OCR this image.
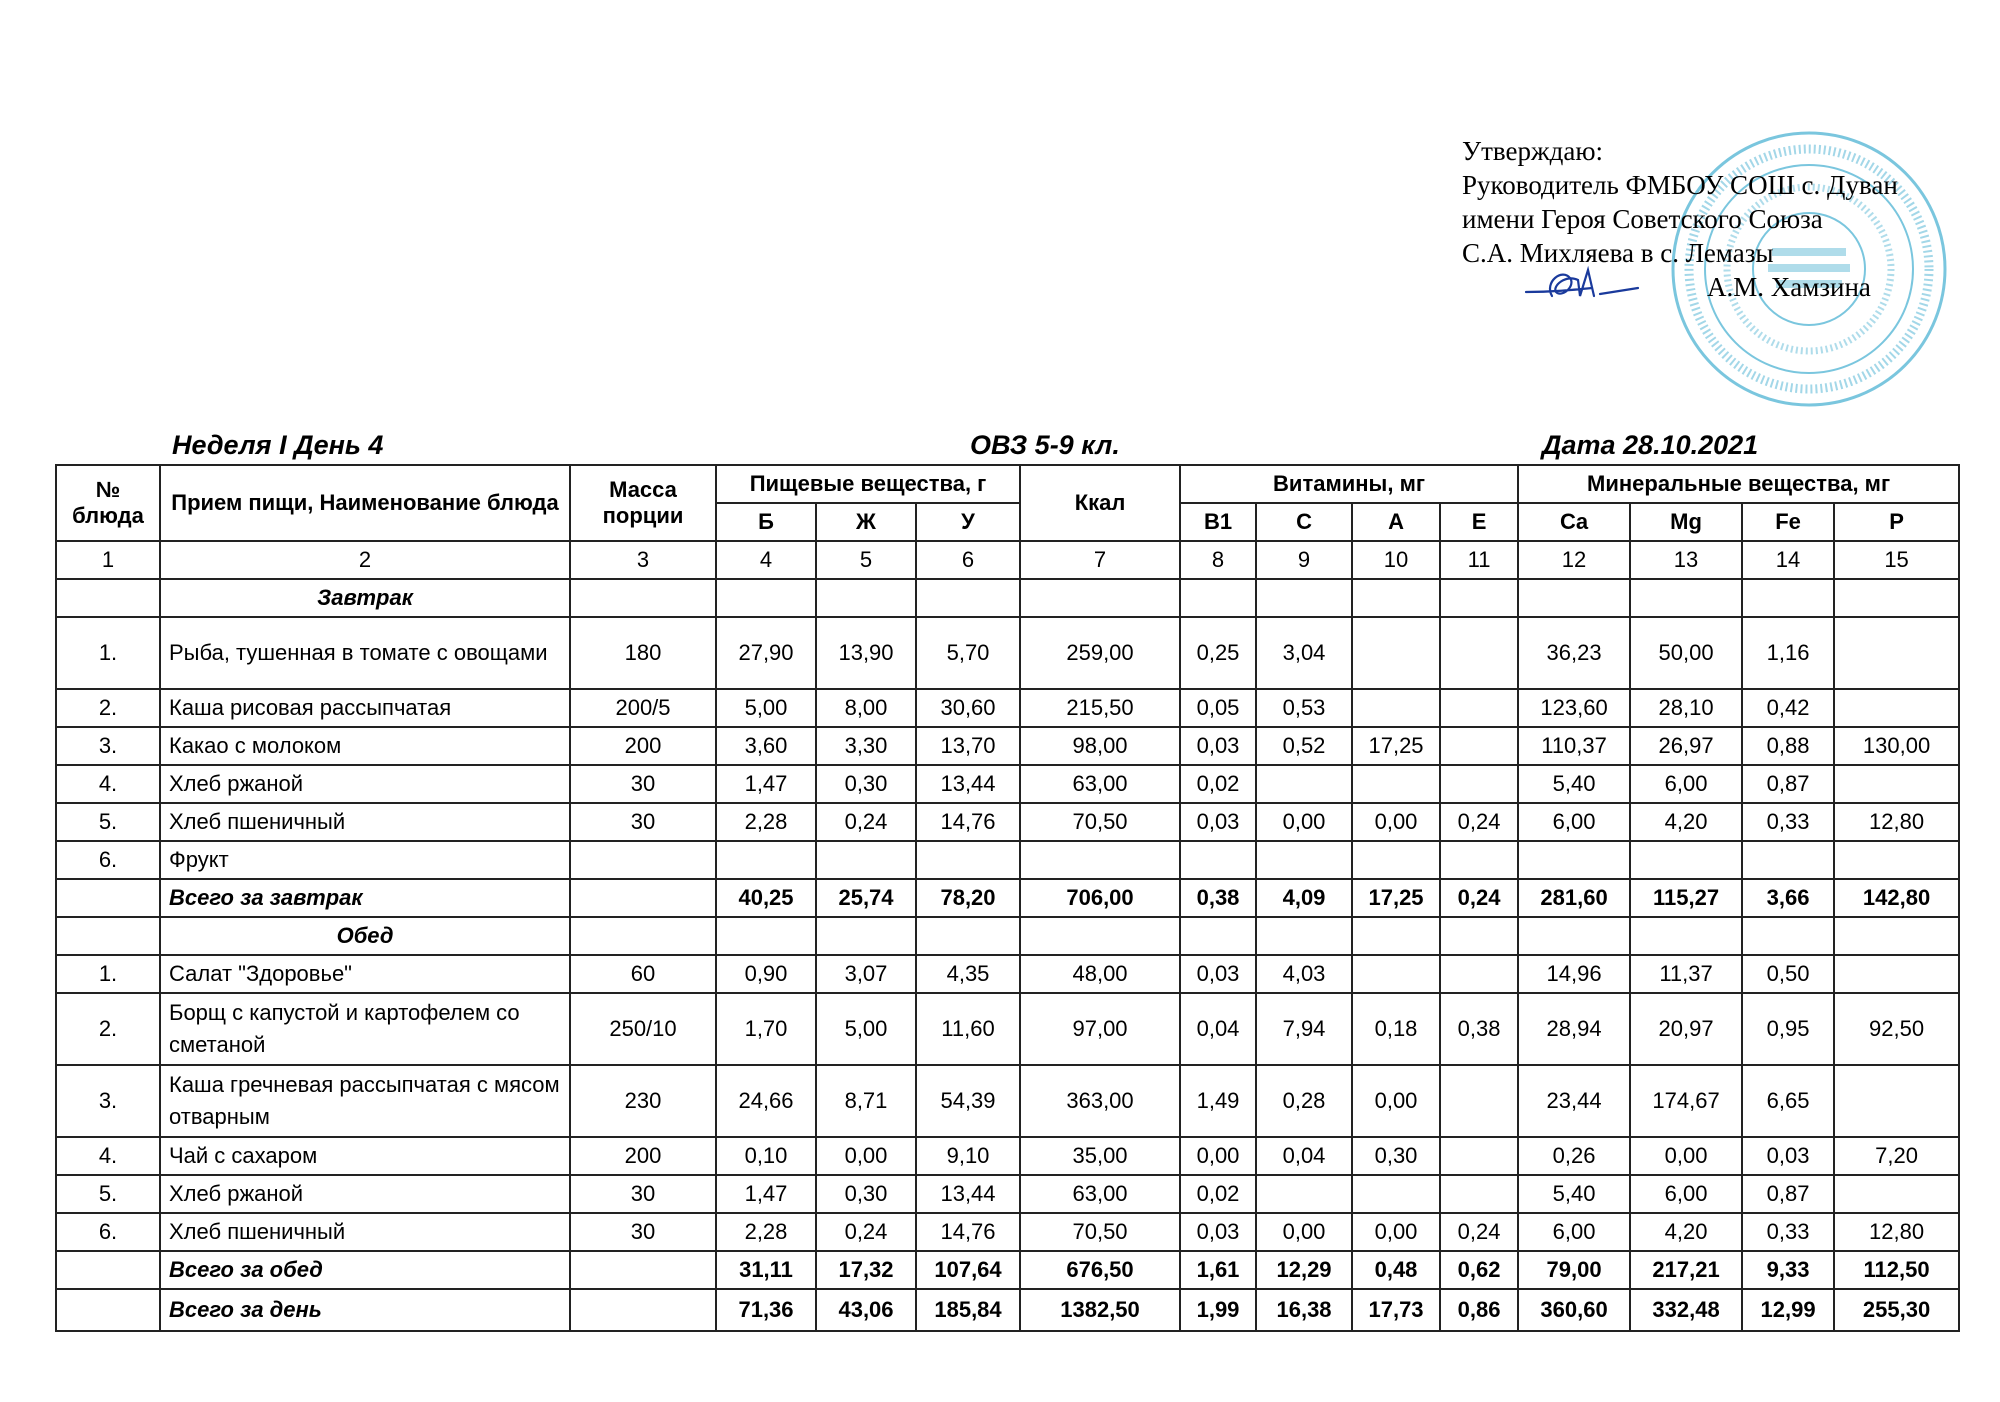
Утверждаю:
Руководитель ФМБОУ СОШ с. Дуван
имени Героя Советского Союза
С.А. Михляева в с. Лемазы
А.М. Хамзина
Неделя I День 4	ОВЗ 5-9 кл.	Дата 28.10.2021
№ блюда	Прием пищи, Наименование блюда	Масса порции	Пищевые вещества, г			Ккал	Витамины, мг				Минеральные вещества, мг			
			Б	Ж	У		B1	C	A	E	Ca	Mg	Fe	P
1	2	3	4	5	6	7	8	9	10	11	12	13	14	15
	Завтрак													
1.	Рыба, тушенная в томате с овощами	180	27,90	13,90	5,70	259,00	0,25	3,04			36,23	50,00	1,16	
2.	Каша рисовая рассыпчатая	200/5	5,00	8,00	30,60	215,50	0,05	0,53			123,60	28,10	0,42	
3.	Какао с молоком	200	3,60	3,30	13,70	98,00	0,03	0,52	17,25		110,37	26,97	0,88	130,00
4.	Хлеб ржаной	30	1,47	0,30	13,44	63,00	0,02				5,40	6,00	0,87	
5.	Хлеб пшеничный	30	2,28	0,24	14,76	70,50	0,03	0,00	0,00	0,24	6,00	4,20	0,33	12,80
6.	Фрукт													
	Всего за завтрак		40,25	25,74	78,20	706,00	0,38	4,09	17,25	0,24	281,60	115,27	3,66	142,80
	Обед													
1.	Салат "Здоровье"	60	0,90	3,07	4,35	48,00	0,03	4,03			14,96	11,37	0,50	
2.	Борщ с капустой и картофелем со сметаной	250/10	1,70	5,00	11,60	97,00	0,04	7,94	0,18	0,38	28,94	20,97	0,95	92,50
3.	Каша гречневая рассыпчатая с мясом отварным	230	24,66	8,71	54,39	363,00	1,49	0,28	0,00		23,44	174,67	6,65	
4.	Чай с сахаром	200	0,10	0,00	9,10	35,00	0,00	0,04	0,30		0,26	0,00	0,03	7,20
5.	Хлеб ржаной	30	1,47	0,30	13,44	63,00	0,02				5,40	6,00	0,87	
6.	Хлеб пшеничный	30	2,28	0,24	14,76	70,50	0,03	0,00	0,00	0,24	6,00	4,20	0,33	12,80
	Всего за обед		31,11	17,32	107,64	676,50	1,61	12,29	0,48	0,62	79,00	217,21	9,33	112,50
	Всего за день		71,36	43,06	185,84	1382,50	1,99	16,38	17,73	0,86	360,60	332,48	12,99	255,30
